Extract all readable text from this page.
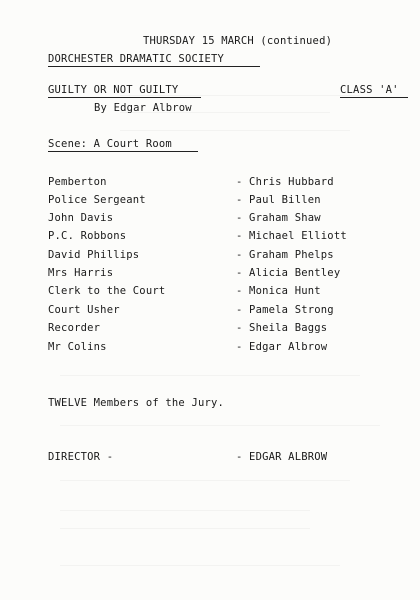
THURSDAY 15 MARCH (continued)
DORCHESTER DRAMATIC SOCIETY
GUILTY OR NOT GUILTY	CLASS 'A'
By Edgar Albrow
Scene: A Court Room
Pemberton	- Chris Hubbard
Police Sergeant	- Paul Billen
John Davis	- Graham Shaw
P.C. Robbons	- Michael Elliott
David Phillips	- Graham Phelps
Mrs Harris	- Alicia Bentley
Clerk to the Court	- Monica Hunt
Court Usher	- Pamela Strong
Recorder	- Sheila Baggs
Mr Colins	- Edgar Albrow
TWELVE Members of the Jury.
DIRECTOR -	- EDGAR ALBROW
